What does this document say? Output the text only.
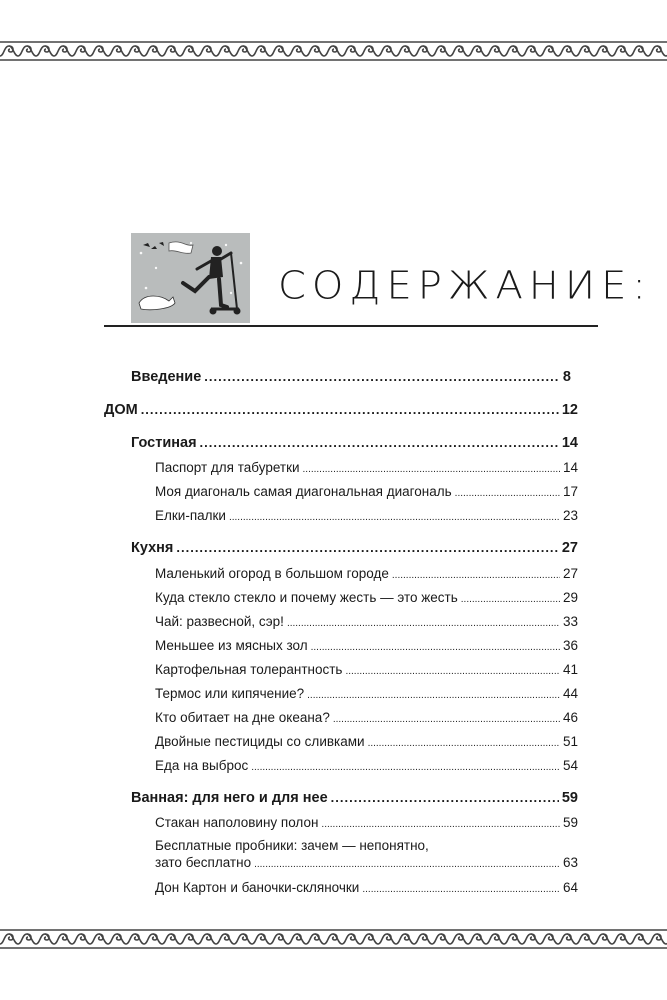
СОДЕРЖАНИЕ:
Введение .....	8
ДОМ .....	12
Гостиная .....	14
Паспорт для табуретки .....	14
Моя диагональ самая диагональная диагональ .....	17
Елки-палки .....	23
Кухня .....	27
Маленький огород в большом городе .....	27
Куда стекло стекло и почему жесть — это жесть .....	29
Чай: развесной, сэр! .....	33
Меньшее из мясных зол .....	36
Картофельная толерантность .....	41
Термос или кипячение? .....	44
Кто обитает на дне океана? .....	46
Двойные пестициды со сливками .....	51
Еда на выброс .....	54
Ванная: для него и для нее .....	59
Стакан наполовину полон .....	59
Бесплатные пробники: зачем — непонятно,
зато бесплатно .....	63
Дон Картон и баночки-скляночки .....	64
